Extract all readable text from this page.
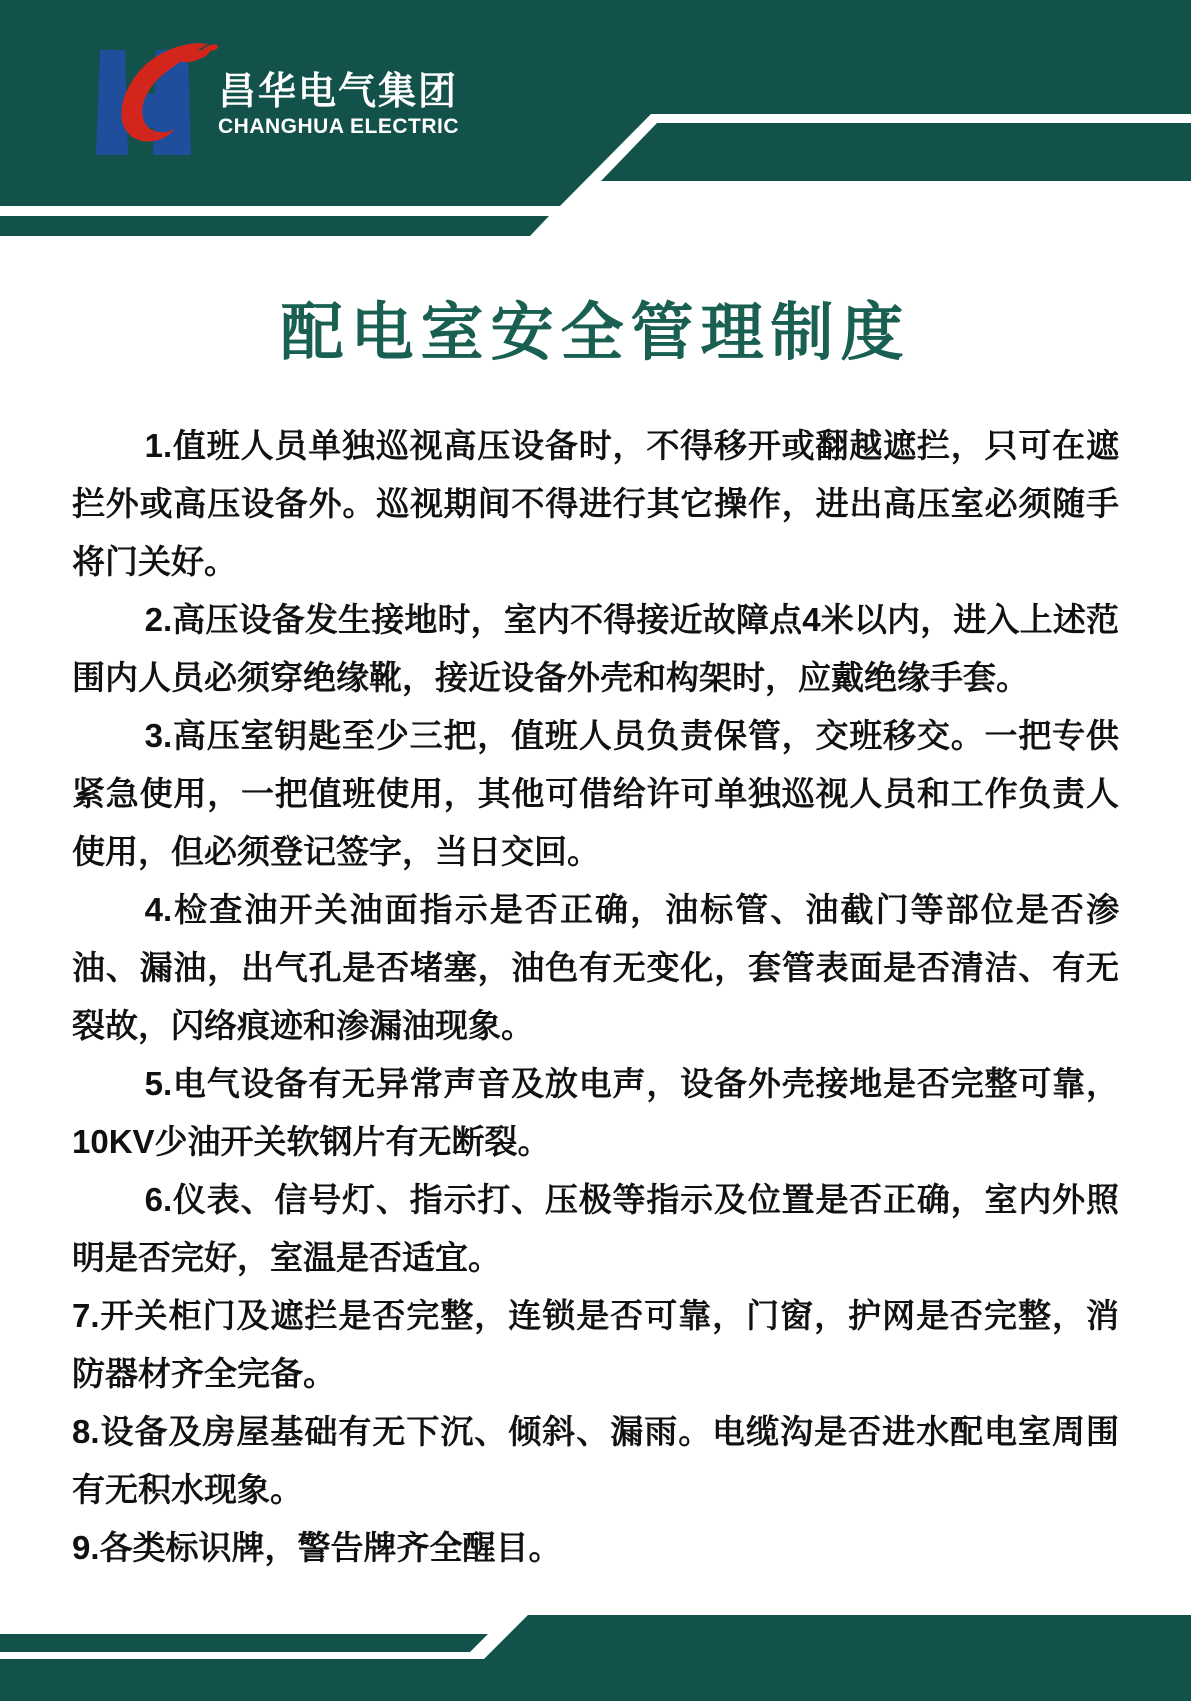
昌华电气集团
CHANGHUA ELECTRIC
配电室安全管理制度

1.值班人员单独巡视高压设备时，不得移开或翻越遮拦，只可在遮拦外或高压设备外。巡视期间不得进行其它操作，进出高压室必须随手将门关好。

2.高压设备发生接地时，室内不得接近故障点4米以内，进入上述范围内人员必须穿绝缘靴，接近设备外壳和构架时，应戴绝缘手套。

3.高压室钥匙至少三把，值班人员负责保管，交班移交。一把专供紧急使用，一把值班使用，其他可借给许可单独巡视人员和工作负责人使用，但必须登记签字，当日交回。

4.检查油开关油面指示是否正确，油标管、油截门等部位是否渗油、漏油，出气孔是否堵塞，油色有无变化，套管表面是否清洁、有无裂故，闪络痕迹和渗漏油现象。

5.电气设备有无异常声音及放电声，设备外壳接地是否完整可靠，10KV少油开关软钢片有无断裂。

6.仪表、信号灯、指示打、压极等指示及位置是否正确，室内外照明是否完好，室温是否适宜。

7.开关柜门及遮拦是否完整，连锁是否可靠，门窗，护网是否完整，消防器材齐全完备。

8.设备及房屋基础有无下沉、倾斜、漏雨。电缆沟是否进水配电室周围有无积水现象。

9.各类标识牌，警告牌齐全醒目。
